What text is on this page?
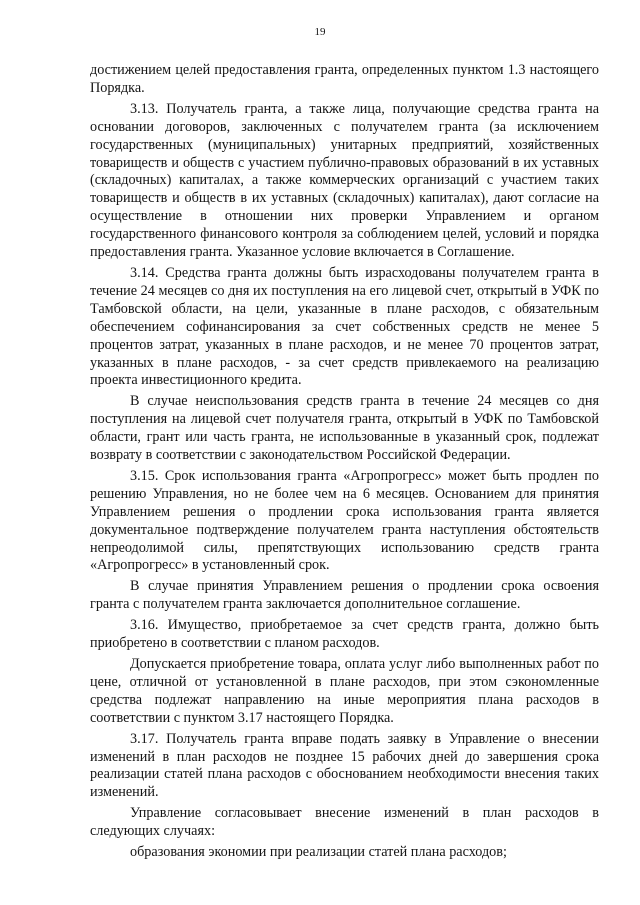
19

достижением целей предоставления гранта, определенных пунктом 1.3 настоящего Порядка.

3.13. Получатель гранта, а также лица, получающие средства гранта на основании договоров, заключенных с получателем гранта (за исключением государственных (муниципальных) унитарных предприятий, хозяйственных товариществ и обществ с участием публично-правовых образований в их уставных (складочных) капиталах, а также коммерческих организаций с участием таких товариществ и обществ в их уставных (складочных) капиталах), дают согласие на осуществление в отношении них проверки Управлением и органом государственного финансового контроля за соблюдением целей, условий и порядка предоставления гранта. Указанное условие включается в Соглашение.

3.14. Средства гранта должны быть израсходованы получателем гранта в течение 24 месяцев со дня их поступления на его лицевой счет, открытый в УФК по Тамбовской области, на цели, указанные в плане расходов, с обязательным обеспечением софинансирования за счет собственных средств не менее 5 процентов затрат, указанных в плане расходов, и не менее 70 процентов затрат, указанных в плане расходов, - за счет средств привлекаемого на реализацию проекта инвестиционного кредита.

В случае неиспользования средств гранта в течение 24 месяцев со дня поступления на лицевой счет получателя гранта, открытый в УФК по Тамбовской области, грант или часть гранта, не использованные в указанный срок, подлежат возврату в соответствии с законодательством Российской Федерации.

3.15. Срок использования гранта «Агропрогресс» может быть продлен по решению Управления, но не более чем на 6 месяцев. Основанием для принятия Управлением решения о продлении срока использования гранта является документальное подтверждение получателем гранта наступления обстоятельств непреодолимой силы, препятствующих использованию средств гранта «Агропрогресс» в установленный срок.

В случае принятия Управлением решения о продлении срока освоения гранта с получателем гранта заключается дополнительное соглашение.

3.16. Имущество, приобретаемое за счет средств гранта, должно быть приобретено в соответствии с планом расходов.

Допускается приобретение товара, оплата услуг либо выполненных работ по цене, отличной от установленной в плане расходов, при этом сэкономленные средства подлежат направлению на иные мероприятия плана расходов в соответствии с пунктом 3.17 настоящего Порядка.

3.17. Получатель гранта вправе подать заявку в Управление о внесении изменений в план расходов не позднее 15 рабочих дней до завершения срока реализации статей плана расходов с обоснованием необходимости внесения таких изменений.

Управление согласовывает внесение изменений в план расходов в следующих случаях:

образования экономии при реализации статей плана расходов;
